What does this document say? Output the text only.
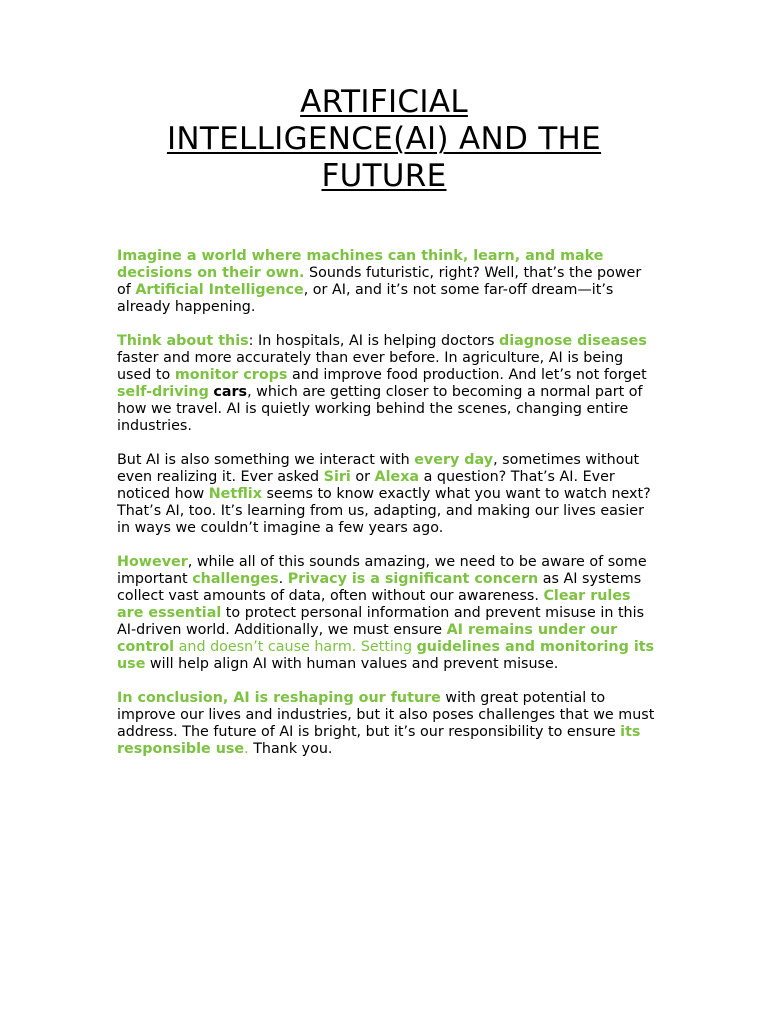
ARTIFICIAL
INTELLIGENCE(AI) AND THE
FUTURE

Imagine a world where machines can think, learn, and make decisions on their own. Sounds futuristic, right? Well, that’s the power of Artificial Intelligence, or AI, and it’s not some far-off dream—it’s already happening.

Think about this: In hospitals, AI is helping doctors diagnose diseases faster and more accurately than ever before. In agriculture, AI is being used to monitor crops and improve food production. And let’s not forget self-driving cars, which are getting closer to becoming a normal part of how we travel. AI is quietly working behind the scenes, changing entire industries.

But AI is also something we interact with every day, sometimes without even realizing it. Ever asked Siri or Alexa a question? That’s AI. Ever noticed how Netflix seems to know exactly what you want to watch next? That’s AI, too. It’s learning from us, adapting, and making our lives easier in ways we couldn’t imagine a few years ago.

However, while all of this sounds amazing, we need to be aware of some important challenges. Privacy is a significant concern as AI systems collect vast amounts of data, often without our awareness. Clear rules are essential to protect personal information and prevent misuse in this AI-driven world. Additionally, we must ensure AI remains under our control and doesn’t cause harm. Setting guidelines and monitoring its use will help align AI with human values and prevent misuse.

In conclusion, AI is reshaping our future with great potential to improve our lives and industries, but it also poses challenges that we must address. The future of AI is bright, but it’s our responsibility to ensure its responsible use. Thank you.
